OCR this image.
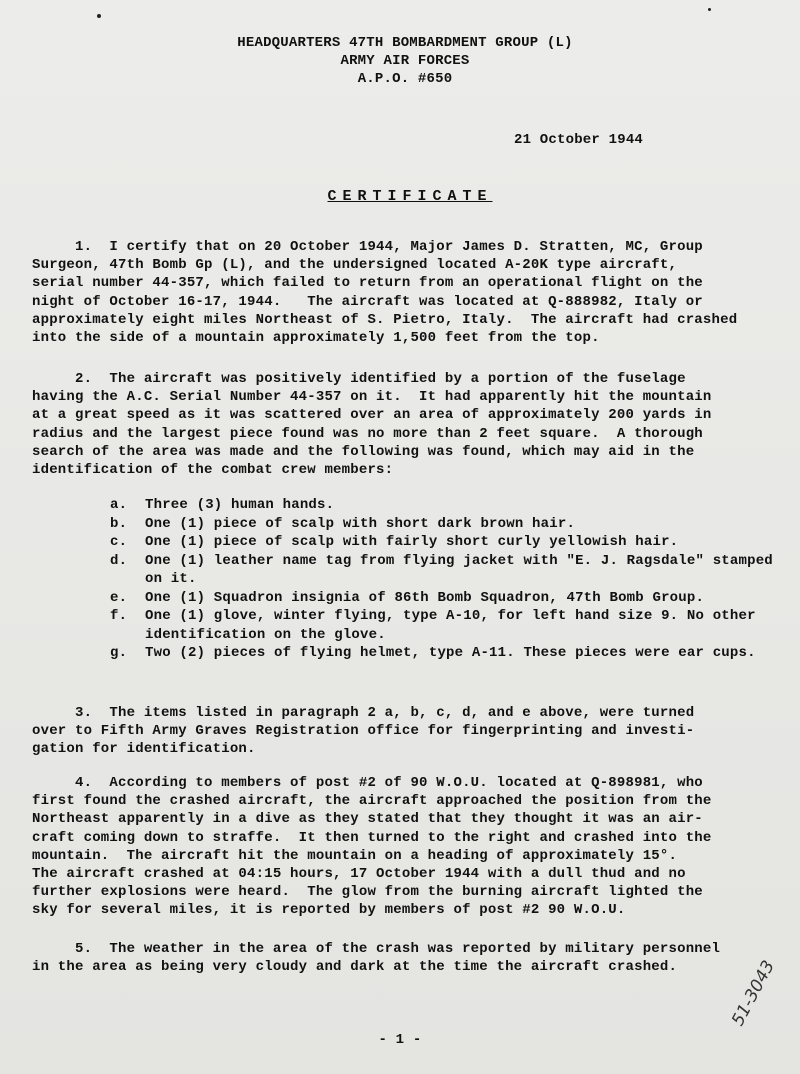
HEADQUARTERS 47TH BOMBARDMENT GROUP (L)
ARMY AIR FORCES
A.P.O. #650
21 October 1944
CERTIFICATE
1.  I certify that on 20 October 1944, Major James D. Stratten, MC, Group
Surgeon, 47th Bomb Gp (L), and the undersigned located A-20K type aircraft,
serial number 44-357, which failed to return from an operational flight on the
night of October 16-17, 1944.   The aircraft was located at Q-888982, Italy or
approximately eight miles Northeast of S. Pietro, Italy.  The aircraft had crashed
into the side of a mountain approximately 1,500 feet from the top.
2.  The aircraft was positively identified by a portion of the fuselage
having the A.C. Serial Number 44-357 on it.  It had apparently hit the mountain
at a great speed as it was scattered over an area of approximately 200 yards in
radius and the largest piece found was no more than 2 feet square.  A thorough
search of the area was made and the following was found, which may aid in the
identification of the combat crew members:
a.	Three (3) human hands.
b.	One (1) piece of scalp with short dark brown hair.
c.	One (1) piece of scalp with fairly short curly yellowish hair.
d.	One (1) leather name tag from flying jacket with "E. J. Ragsdale" stamped on it.
e.	One (1) Squadron insignia of 86th Bomb Squadron, 47th Bomb Group.
f.	One (1) glove, winter flying, type A-10, for left hand size 9. No other identification on the glove.
g.	Two (2) pieces of flying helmet, type A-11. These pieces were ear cups.
3.  The items listed in paragraph 2 a, b, c, d, and e above, were turned
over to Fifth Army Graves Registration office for fingerprinting and investi-
gation for identification.
4.  According to members of post #2 of 90 W.O.U. located at Q-898981, who
first found the crashed aircraft, the aircraft approached the position from the
Northeast apparently in a dive as they stated that they thought it was an air-
craft coming down to straffe.  It then turned to the right and crashed into the
mountain.  The aircraft hit the mountain on a heading of approximately 15°.
The aircraft crashed at 04:15 hours, 17 October 1944 with a dull thud and no
further explosions were heard.  The glow from the burning aircraft lighted the
sky for several miles, it is reported by members of post #2 90 W.O.U.
5.  The weather in the area of the crash was reported by military personnel
in the area as being very cloudy and dark at the time the aircraft crashed.
- 1 -
51-3043
